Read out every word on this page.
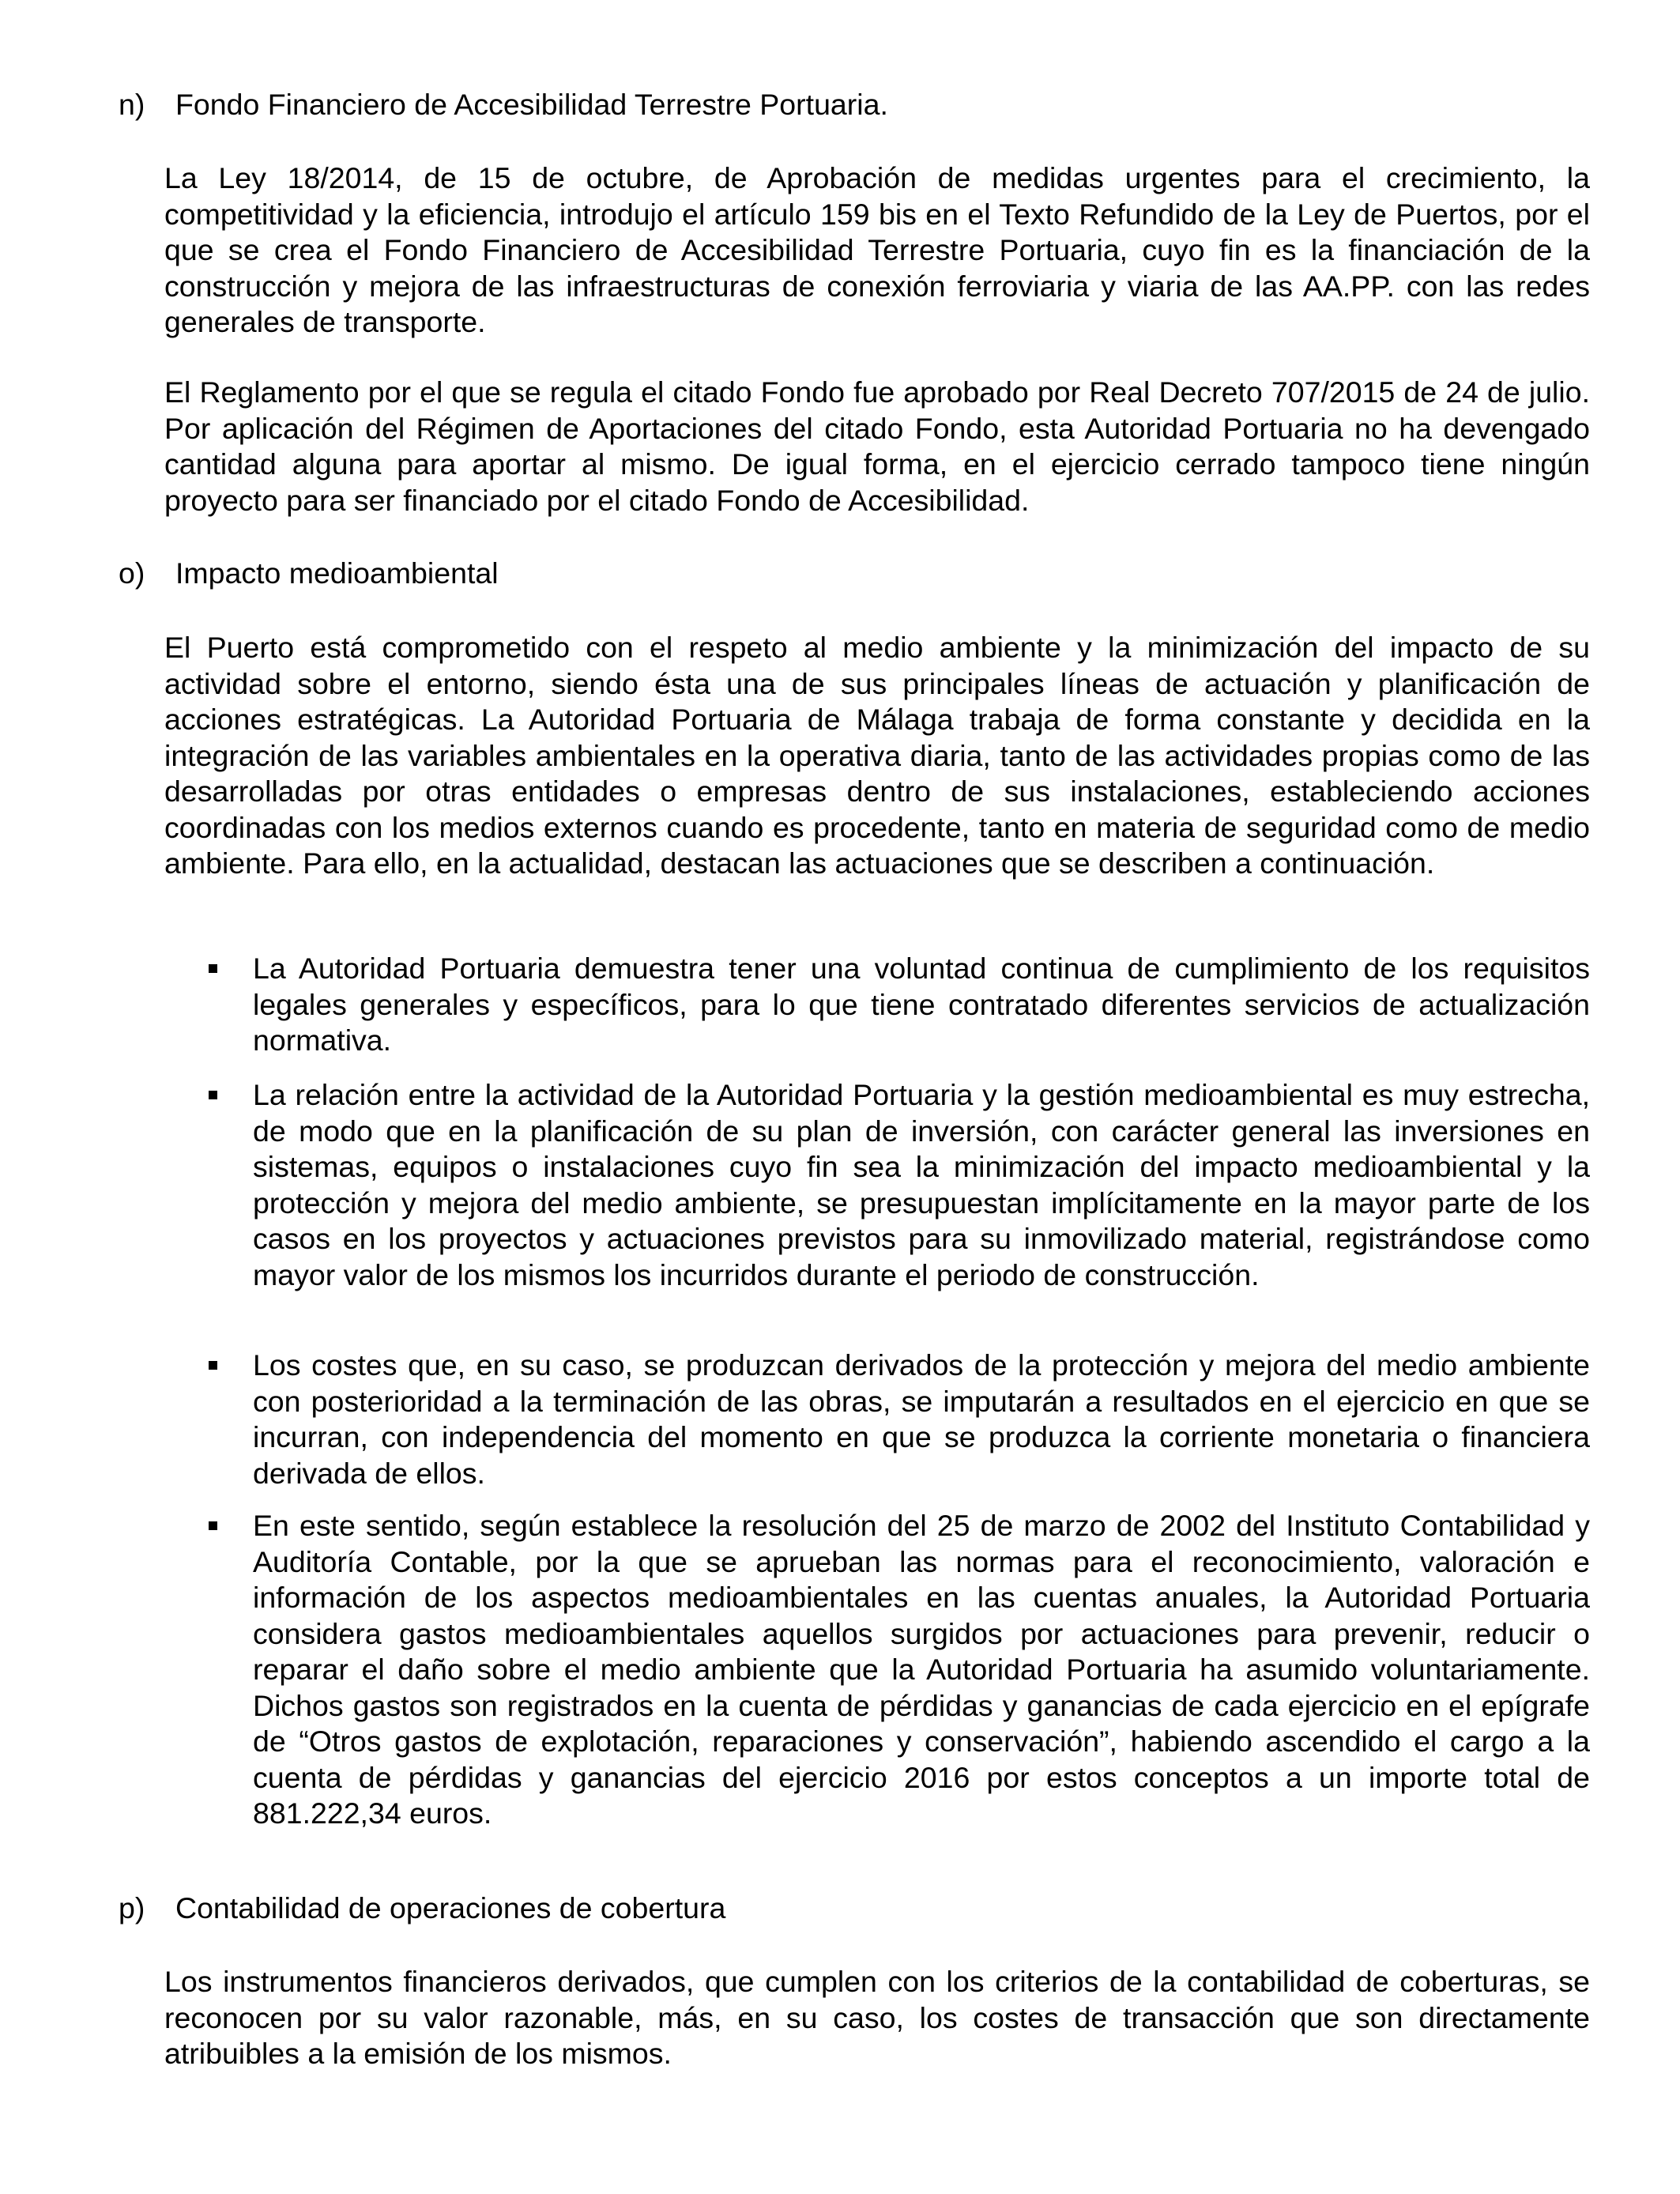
n)	Fondo Financiero de Accesibilidad Terrestre Portuaria.

La Ley 18/2014, de 15 de octubre, de Aprobación de medidas urgentes para el crecimiento, la competitividad y la eficiencia, introdujo el artículo 159 bis en el Texto Refundido de la Ley de Puertos, por el que se crea el Fondo Financiero de Accesibilidad Terrestre Portuaria, cuyo fin es la financiación de la construcción y mejora de las infraestructuras de conexión ferroviaria y viaria de las AA.PP. con las redes generales de transporte.

El Reglamento por el que se regula el citado Fondo fue aprobado por Real Decreto 707/2015 de 24 de julio. Por aplicación del Régimen de Aportaciones del citado Fondo, esta Autoridad Portuaria no ha devengado cantidad alguna para aportar al mismo. De igual forma, en el ejercicio cerrado tampoco tiene ningún proyecto para ser financiado por el citado Fondo de Accesibilidad.

o)	Impacto medioambiental

El Puerto está comprometido con el respeto al medio ambiente y la minimización del impacto de su actividad sobre el entorno, siendo ésta una de sus principales líneas de actuación y planificación de acciones estratégicas. La Autoridad Portuaria de Málaga trabaja de forma constante y decidida en la integración de las variables ambientales en la operativa diaria, tanto de las actividades propias como de las desarrolladas por otras entidades o empresas dentro de sus instalaciones, estableciendo acciones coordinadas con los medios externos cuando es procedente, tanto en materia de seguridad como de medio ambiente. Para ello, en la actualidad, destacan las actuaciones que se describen a continuación.

La Autoridad Portuaria demuestra tener una voluntad continua de cumplimiento de los requisitos legales generales y específicos, para lo que tiene contratado diferentes servicios de actualización normativa.

La relación entre la actividad de la Autoridad Portuaria y la gestión medioambiental es muy estrecha, de modo que en la planificación de su plan de inversión, con carácter general las inversiones en sistemas, equipos o instalaciones cuyo fin sea la minimización del impacto medioambiental y la protección y mejora del medio ambiente, se presupuestan implícitamente en la mayor parte de los casos en los proyectos y actuaciones previstos para su inmovilizado material, registrándose como mayor valor de los mismos los incurridos durante el periodo de construcción.

Los costes que, en su caso, se produzcan derivados de la protección y mejora del medio ambiente con posterioridad a la terminación de las obras, se imputarán a resultados en el ejercicio en que se incurran, con independencia del momento en que se produzca la corriente monetaria o financiera derivada de ellos.

En este sentido, según establece la resolución del 25 de marzo de 2002 del Instituto Contabilidad y Auditoría Contable, por la que se aprueban las normas para el reconocimiento, valoración e información de los aspectos medioambientales en las cuentas anuales, la Autoridad Portuaria considera gastos medioambientales aquellos surgidos por actuaciones para prevenir, reducir o reparar el daño sobre el medio ambiente que la Autoridad Portuaria ha asumido voluntariamente. Dichos gastos son registrados en la cuenta de pérdidas y ganancias de cada ejercicio en el epígrafe de “Otros gastos de explotación, reparaciones y conservación”, habiendo ascendido el cargo a la cuenta de pérdidas y ganancias del ejercicio 2016 por estos conceptos a un importe total de 881.222,34 euros.

p)	Contabilidad de operaciones de cobertura

Los instrumentos financieros derivados, que cumplen con los criterios de la contabilidad de coberturas, se reconocen por su valor razonable, más, en su caso, los costes de transacción que son directamente atribuibles a la emisión de los mismos.
